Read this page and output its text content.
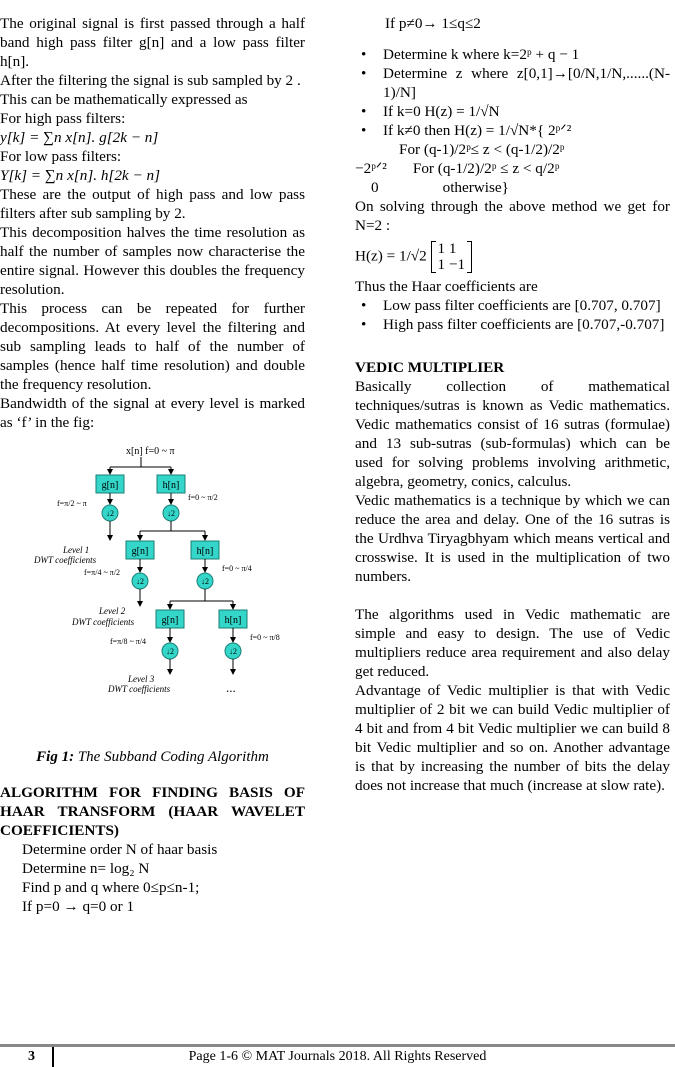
The original signal is first passed through a half band high pass filter g[n] and a low pass filter h[n].

After the filtering the signal is sub sampled by 2 .

This can be mathematically expressed as

For high pass filters:

y[k] = ∑n x[n]. g[2k − n]

For low pass filters:

Y[k] = ∑n x[n]. h[2k − n]

These are the output of high pass and low pass filters after sub sampling by 2.

This decomposition halves the time resolution as half the number of samples now characterise the entire signal. However this doubles the frequency resolution.

This process can be repeated for further decompositions. At every level the filtering and sub sampling leads to half of the number of samples (hence half time resolution) and double the frequency resolution.

Bandwidth of the signal at every level is marked as ‘f’ in the fig:

x[n] f=0 ~ π
g[n]	h[n]
f=π/2 ~ π
f=0 ~ π/2
↓2	↓2
Level 1
DWT coefficients
g[n]	h[n]
f=π/4 ~ π/2	f=0 ~ π/4
↓2	↓2
Level 2
DWT coefficients	g[n]	h[n]
f=π/8 ~ π/4	f=0 ~ π/8
↓2	↓2
Level 3
DWT coefficients	...

Fig 1: The Subband Coding Algorithm

ALGORITHM FOR FINDING BASIS OF HAAR TRANSFORM (HAAR WAVELET COEFFICIENTS)

Determine order N of haar basis

Determine n= log₂ N

Find p and q where 0≤p≤n-1;

If p=0 → q=0 or 1

If p≠0→ 1≤q≤2

• Determine k where k=2ᵖ + q − 1
• Determine z where z[0,1]→[0/N,1/N,......(N-1)/N]
• If k=0 H(z) = 1/√N
• If k≠0 then H(z) = 1/√N*{ 2ᵖᐟ²

For (q-1)/2ᵖ≤ z < (q-1/2)/2ᵖ

−2ᵖᐟ² For (q-1/2)/2ᵖ ≤ z < q/2ᵖ

0	otherwise}

On solving through the above method we get for N=2 :

H(z) = 1/√2 1 1
1 −1

Thus the Haar coefficients are

• Low pass filter coefficients are [0.707, 0.707]
• High pass filter coefficients are [0.707,-0.707]

VEDIC MULTIPLIER

Basically collection of mathematical techniques/sutras is known as Vedic mathematics. Vedic mathematics consist of 16 sutras (formulae) and 13 sub-sutras (sub-formulas) which can be used for solving problems involving arithmetic, algebra, geometry, conics, calculus.

Vedic mathematics is a technique by which we can reduce the area and delay. One of the 16 sutras is the Urdhva Tiryagbhyam which means vertical and crosswise. It is used in the multiplication of two numbers.

The algorithms used in Vedic mathematic are simple and easy to design. The use of Vedic multipliers reduce area requirement and also delay get reduced.

Advantage of Vedic multiplier is that with Vedic multiplier of 2 bit we can build Vedic multiplier of 4 bit and from 4 bit Vedic multiplier we can build 8 bit Vedic multiplier and so on. Another advantage is that by increasing the number of bits the delay does not increase that much (increase at slow rate).

3	Page 1-6 © MAT Journals 2018. All Rights Reserved
